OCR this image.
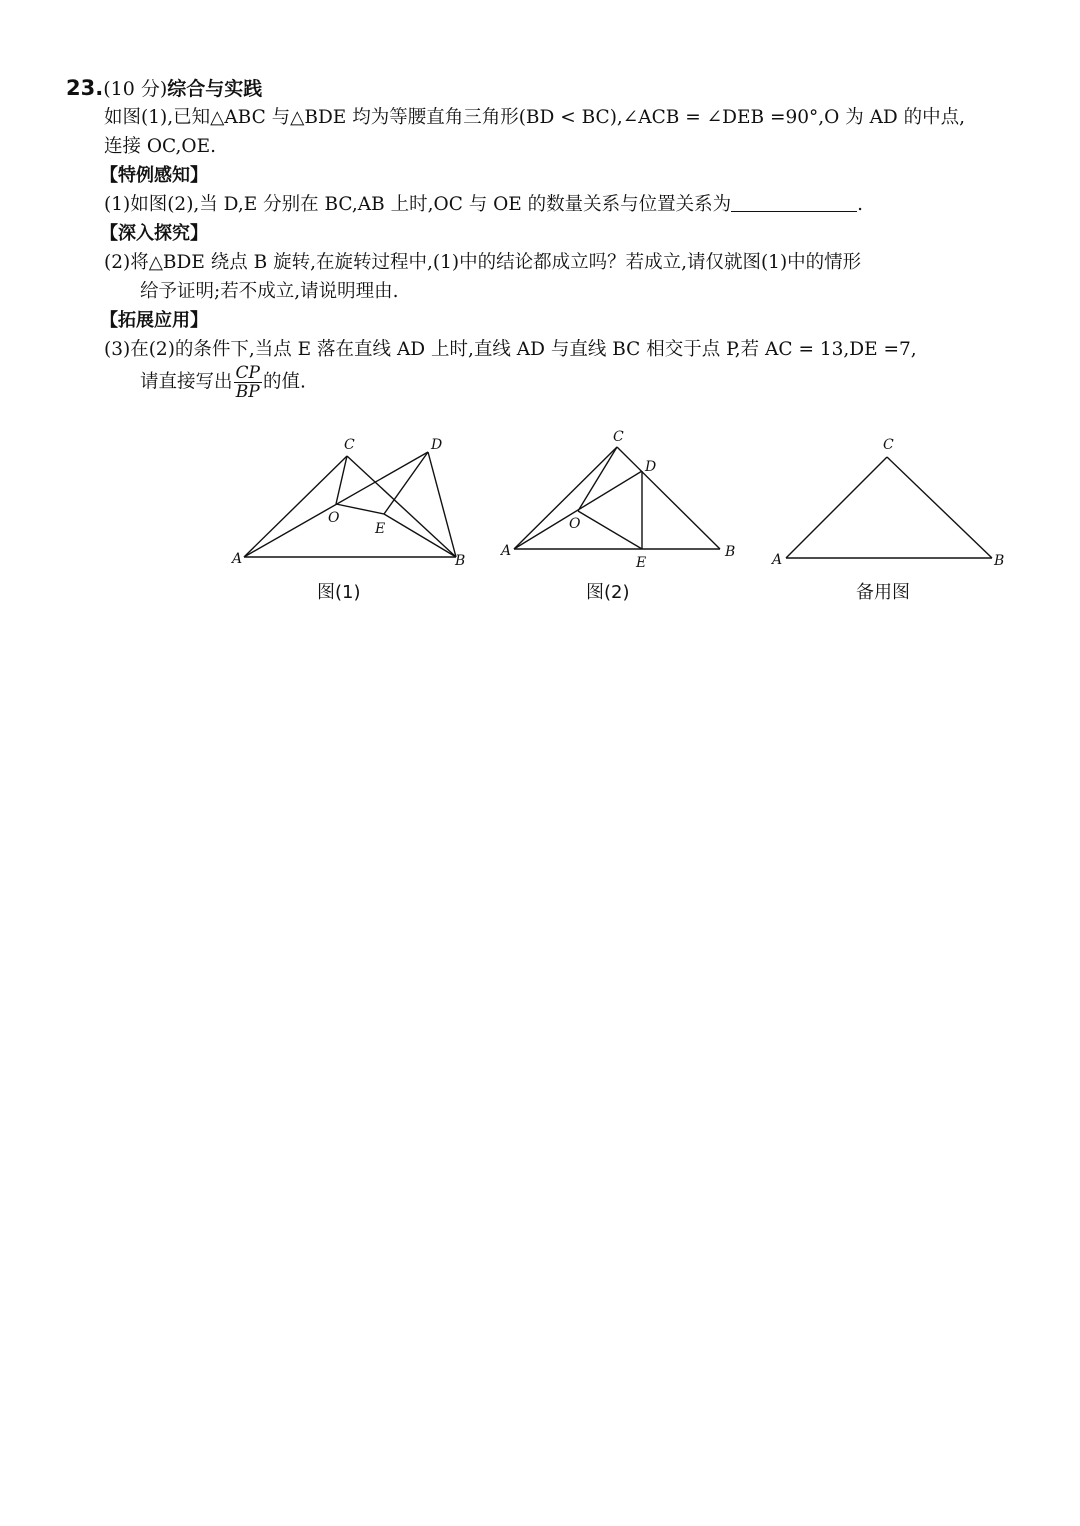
23.(10 分)综合与实践
如图(1),已知△ABC 与△BDE 均为等腰直角三角形(BD < BC),∠ACB = ∠DEB =90°,O 为 AD 的中点,
连接 OC,OE.
【特例感知】
(1)如图(2),当 D,E 分别在 BC,AB 上时,OC 与 OE 的数量关系与位置关系为	.
【深入探究】
(2)将△BDE 绕点 B 旋转,在旋转过程中,(1)中的结论都成立吗？若成立,请仅就图(1)中的情形
给予证明;若不成立,请说明理由.
【拓展应用】
(3)在(2)的条件下,当点 E 落在直线 AD 上时,直线 AD 与直线 BC 相交于点 P,若 AC = 13,DE =7,
请直接写出 $\frac{CP}{BP}$ 的值.
A	B
C	D
E
O
图(1)
A	B
C
D
E
O
图(2)
A	B
C
备用图
